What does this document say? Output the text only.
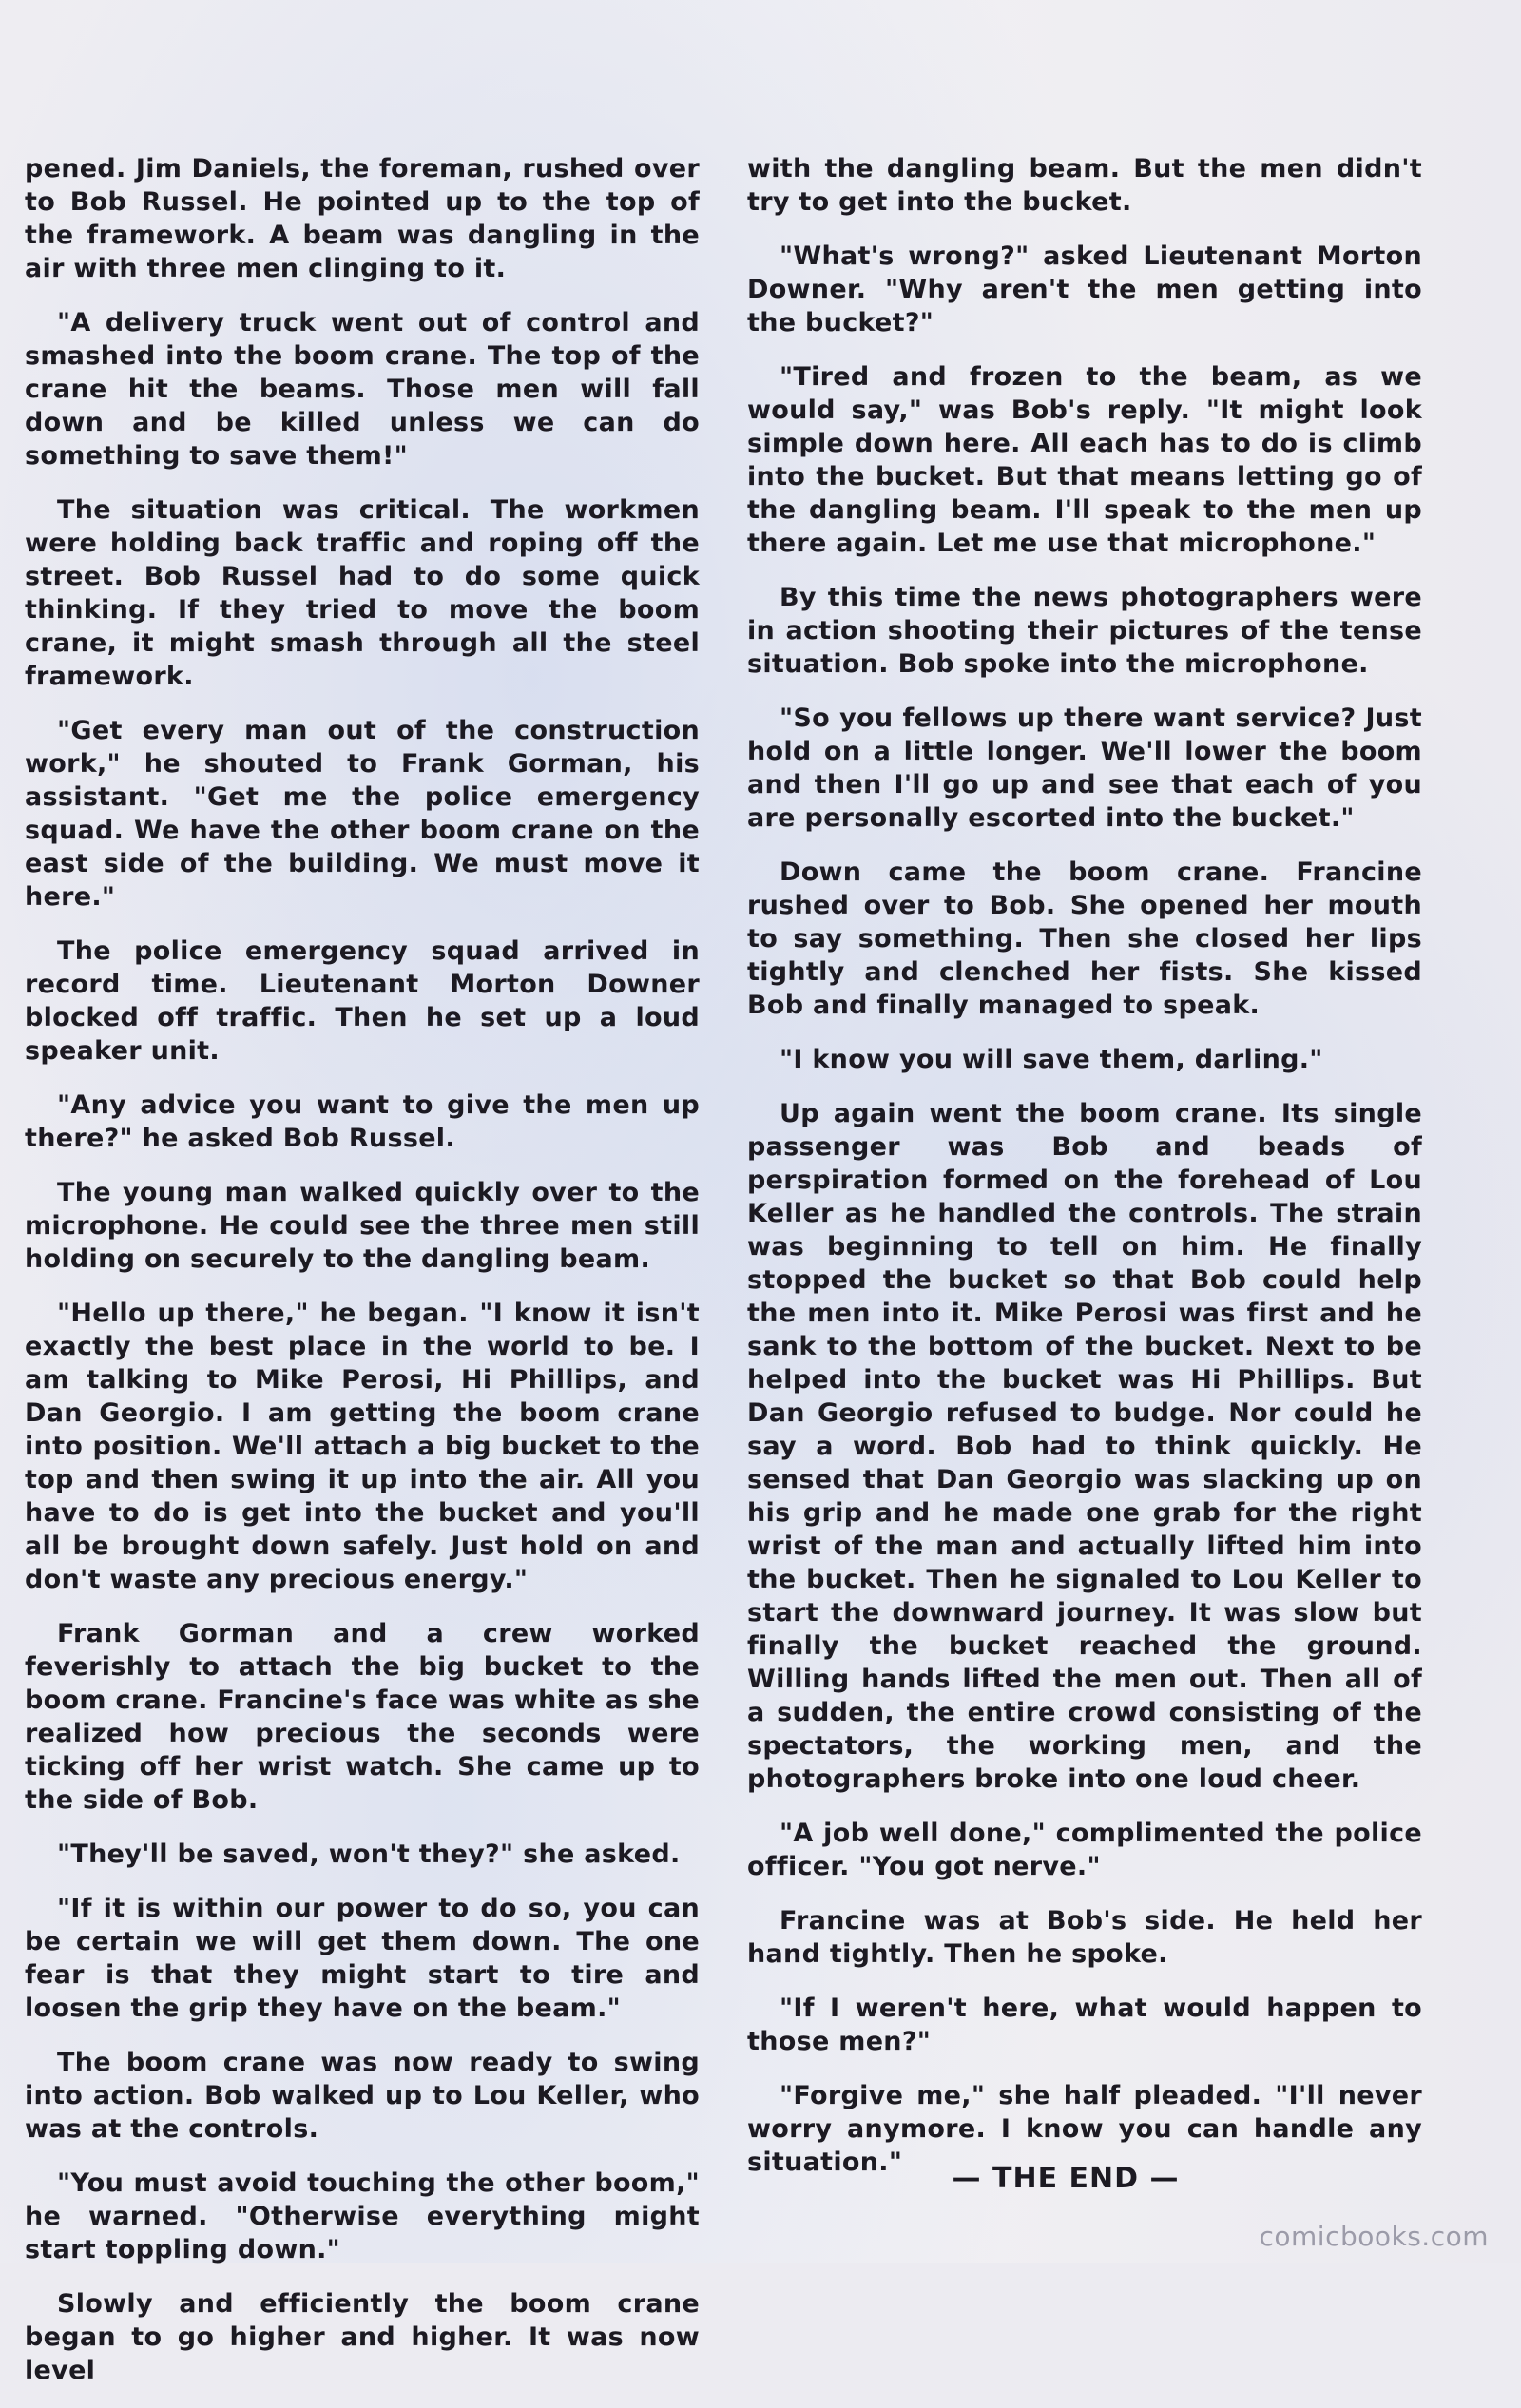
pened. Jim Daniels, the foreman, rushed over to Bob Russel. He pointed up to the top of the framework. A beam was dangling in the air with three men clinging to it.

"A delivery truck went out of control and smashed into the boom crane. The top of the crane hit the beams. Those men will fall down and be killed unless we can do something to save them!"

The situation was critical. The workmen were holding back traffic and roping off the street. Bob Russel had to do some quick thinking. If they tried to move the boom crane, it might smash through all the steel framework.

"Get every man out of the construction work," he shouted to Frank Gorman, his assistant. "Get me the police emergency squad. We have the other boom crane on the east side of the building. We must move it here."

The police emergency squad arrived in record time. Lieutenant Morton Downer blocked off traffic. Then he set up a loud speaker unit.

"Any advice you want to give the men up there?" he asked Bob Russel.

The young man walked quickly over to the microphone. He could see the three men still holding on securely to the dangling beam.

"Hello up there," he began. "I know it isn't exactly the best place in the world to be. I am talking to Mike Perosi, Hi Phillips, and Dan Georgio. I am getting the boom crane into position. We'll attach a big bucket to the top and then swing it up into the air. All you have to do is get into the bucket and you'll all be brought down safely. Just hold on and don't waste any precious energy."

Frank Gorman and a crew worked feverishly to attach the big bucket to the boom crane. Francine's face was white as she realized how precious the seconds were ticking off her wrist watch. She came up to the side of Bob.

"They'll be saved, won't they?" she asked.

"If it is within our power to do so, you can be certain we will get them down. The one fear is that they might start to tire and loosen the grip they have on the beam."

The boom crane was now ready to swing into action. Bob walked up to Lou Keller, who was at the controls.

"You must avoid touching the other boom," he warned. "Otherwise everything might start toppling down."

Slowly and efficiently the boom crane began to go higher and higher. It was now level

with the dangling beam. But the men didn't try to get into the bucket.

"What's wrong?" asked Lieutenant Morton Downer. "Why aren't the men getting into the bucket?"

"Tired and frozen to the beam, as we would say," was Bob's reply. "It might look simple down here. All each has to do is climb into the bucket. But that means letting go of the dangling beam. I'll speak to the men up there again. Let me use that microphone."

By this time the news photographers were in action shooting their pictures of the tense situation. Bob spoke into the microphone.

"So you fellows up there want service? Just hold on a little longer. We'll lower the boom and then I'll go up and see that each of you are personally escorted into the bucket."

Down came the boom crane. Francine rushed over to Bob. She opened her mouth to say something. Then she closed her lips tightly and clenched her fists. She kissed Bob and finally managed to speak.

"I know you will save them, darling."

Up again went the boom crane. Its single passenger was Bob and beads of perspiration formed on the forehead of Lou Keller as he handled the controls. The strain was beginning to tell on him. He finally stopped the bucket so that Bob could help the men into it. Mike Perosi was first and he sank to the bottom of the bucket. Next to be helped into the bucket was Hi Phillips. But Dan Georgio refused to budge. Nor could he say a word. Bob had to think quickly. He sensed that Dan Georgio was slacking up on his grip and he made one grab for the right wrist of the man and actually lifted him into the bucket. Then he signaled to Lou Keller to start the downward journey. It was slow but finally the bucket reached the ground. Willing hands lifted the men out. Then all of a sudden, the entire crowd consisting of the spectators, the working men, and the photographers broke into one loud cheer.

"A job well done," complimented the police officer. "You got nerve."

Francine was at Bob's side. He held her hand tightly. Then he spoke.

"If I weren't here, what would happen to those men?"

"Forgive me," she half pleaded. "I'll never worry anymore. I know you can handle any situation."	— THE END —
comicbooks.com
